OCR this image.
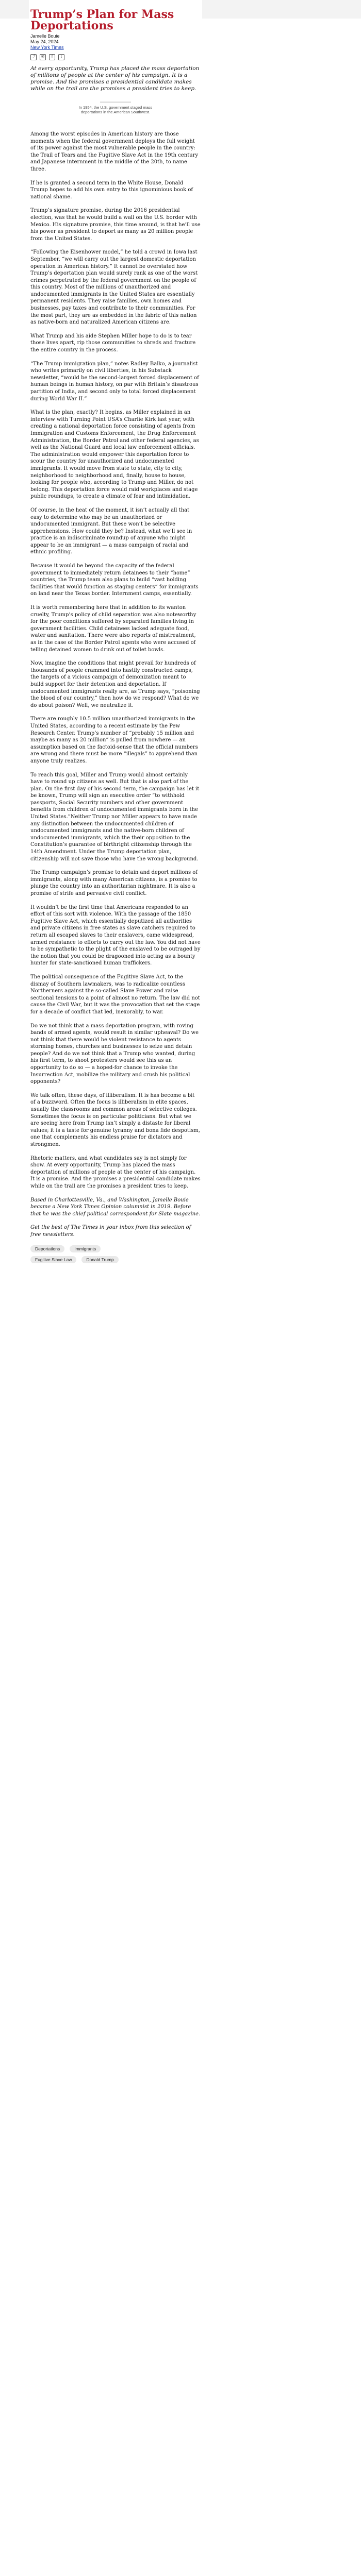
Trump’s Plan for Mass Deportations
Jamelle Bouie
May 24, 2024
New York Times
⤴	✉	f	t

At every opportunity, Trump has placed the mass deportation of millions of people at the center of his campaign. It is a promise. And the promises a presidential candidate makes while on the trail are the promises a president tries to keep.

In 1954, the U.S. government staged mass deportations in the American Southwest.

Among the worst episodes in American history are those moments when the federal government deploys the full weight of its power against the most vulnerable people in the country: the Trail of Tears and the Fugitive Slave Act in the 19th century and Japanese internment in the middle of the 20th, to name three.

If he is granted a second term in the White House, Donald Trump hopes to add his own entry to this ignominious book of national shame.

Trump’s signature promise, during the 2016 presidential election, was that he would build a wall on the U.S. border with Mexico. His signature promise, this time around, is that he’ll use his power as president to deport as many as 20 million people from the United States.

“Following the Eisenhower model,” he told a crowd in Iowa last September, “we will carry out the largest domestic deportation operation in American history.” It cannot be overstated how Trump’s deportation plan would surely rank as one of the worst crimes perpetrated by the federal government on the people of this country. Most of the millions of unauthorized and undocumented immigrants in the United States are essentially permanent residents. They raise families, own homes and businesses, pay taxes and contribute to their communities. For the most part, they are as embedded in the fabric of this nation as native-born and naturalized American citizens are.

What Trump and his aide Stephen Miller hope to do is to tear those lives apart, rip those communities to shreds and fracture the entire country in the process.

“The Trump immigration plan,” notes Radley Balko, a journalist who writes primarily on civil liberties, in his Substack newsletter, “would be the second-largest forced displacement of human beings in human history, on par with Britain’s disastrous partition of India, and second only to total forced displacement during World War II.”

What is the plan, exactly? It begins, as Miller explained in an interview with Turning Point USA’s Charlie Kirk last year, with creating a national deportation force consisting of agents from Immigration and Customs Enforcement, the Drug Enforcement Administration, the Border Patrol and other federal agencies, as well as the National Guard and local law enforcement officials. The administration would empower this deportation force to scour the country for unauthorized and undocumented immigrants. It would move from state to state, city to city, neighborhood to neighborhood and, finally, house to house, looking for people who, according to Trump and Miller, do not belong. This deportation force would raid workplaces and stage public roundups, to create a climate of fear and intimidation.

Of course, in the heat of the moment, it isn’t actually all that easy to determine who may be an unauthorized or undocumented immigrant. But these won’t be selective apprehensions. How could they be? Instead, what we’ll see in practice is an indiscriminate roundup of anyone who might appear to be an immigrant — a mass campaign of racial and ethnic profiling.

Because it would be beyond the capacity of the federal government to immediately return detainees to their “home” countries, the Trump team also plans to build “vast holding facilities that would function as staging centers” for immigrants on land near the Texas border. Internment camps, essentially.

It is worth remembering here that in addition to its wanton cruelty, Trump’s policy of child separation was also noteworthy for the poor conditions suffered by separated families living in government facilities. Child detainees lacked adequate food, water and sanitation. There were also reports of mistreatment, as in the case of the Border Patrol agents who were accused of telling detained women to drink out of toilet bowls.

Now, imagine the conditions that might prevail for hundreds of thousands of people crammed into hastily constructed camps, the targets of a vicious campaign of demonization meant to build support for their detention and deportation. If undocumented immigrants really are, as Trump says, “poisoning the blood of our country,” then how do we respond? What do we do about poison? Well, we neutralize it.

There are roughly 10.5 million unauthorized immigrants in the United States, according to a recent estimate by the Pew Research Center. Trump’s number of “probably 15 million and maybe as many as 20 million” is pulled from nowhere — an assumption based on the factoid-sense that the official numbers are wrong and there must be more “illegals” to apprehend than anyone truly realizes.

To reach this goal, Miller and Trump would almost certainly have to round up citizens as well. But that is also part of the plan. On the first day of his second term, the campaign has let it be known, Trump will sign an executive order “to withhold passports, Social Security numbers and other government benefits from children of undocumented immigrants born in the United States.”Neither Trump nor Miller appears to have made any distinction between the undocumented children of undocumented immigrants and the native-born children of undocumented immigrants, which the their opposition to the Constitution’s guarantee of birthright citizenship through the 14th Amendment. Under the Trump deportation plan, citizenship will not save those who have the wrong background.

The Trump campaign’s promise to detain and deport millions of immigrants, along with many American citizens, is a promise to plunge the country into an authoritarian nightmare. It is also a promise of strife and pervasive civil conflict.

It wouldn’t be the first time that Americans responded to an effort of this sort with violence. With the passage of the 1850 Fugitive Slave Act, which essentially deputized all authorities and private citizens in free states as slave catchers required to return all escaped slaves to their enslavers, came widespread, armed resistance to efforts to carry out the law. You did not have to be sympathetic to the plight of the enslaved to be outraged by the notion that you could be dragooned into acting as a bounty hunter for state-sanctioned human traffickers.

The political consequence of the Fugitive Slave Act, to the dismay of Southern lawmakers, was to radicalize countless Northerners against the so-called Slave Power and raise sectional tensions to a point of almost no return. The law did not cause the Civil War, but it was the provocation that set the stage for a decade of conflict that led, inexorably, to war.

Do we not think that a mass deportation program, with roving bands of armed agents, would result in similar upheaval? Do we not think that there would be violent resistance to agents storming homes, churches and businesses to seize and detain people? And do we not think that a Trump who wanted, during his first term, to shoot protesters would see this as an opportunity to do so — a hoped-for chance to invoke the Insurrection Act, mobilize the military and crush his political opponents?

We talk often, these days, of illiberalism. It is has become a bit of a buzzword. Often the focus is illiberalism in elite spaces, usually the classrooms and common areas of selective colleges. Sometimes the focus is on particular politicians. But what we are seeing here from Trump isn’t simply a distaste for liberal values; it is a taste for genuine tyranny and bona fide despotism, one that complements his endless praise for dictators and strongmen.

Rhetoric matters, and what candidates say is not simply for show. At every opportunity, Trump has placed the mass deportation of millions of people at the center of his campaign. It is a promise. And the promises a presidential candidate makes while on the trail are the promises a president tries to keep.

Based in Charlottesville, Va., and Washington, Jamelle Bouie became a New York Times Opinion columnist in 2019. Before that he was the chief political correspondent for Slate magazine.

Get the best of The Times in your inbox from this selection of free newsletters.

Deportations	Immigrants
Fugitive Slave Law	Donald Trump
